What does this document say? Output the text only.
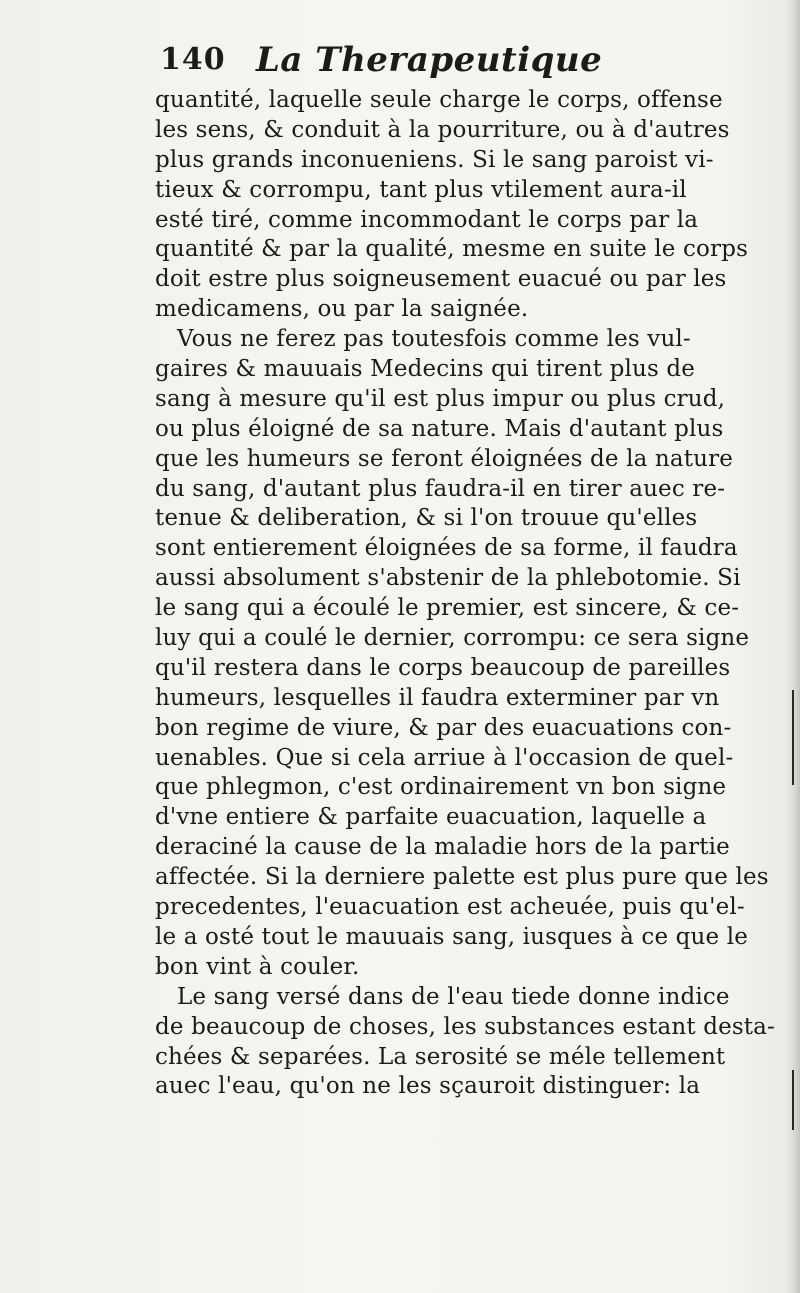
140 La Therapeutique
quantité, laquelle seule charge le corps, offense
les sens, & conduit à la pourriture, ou à d'autres
plus grands inconueniens. Si le sang paroist vi-
tieux & corrompu, tant plus vtilement aura-il
esté tiré, comme incommodant le corps par la
quantité & par la qualité, mesme en suite le corps
doit estre plus soigneusement euacué ou par les
medicamens, ou par la saignée.
Vous ne ferez pas toutesfois comme les vul-
gaires & mauuais Medecins qui tirent plus de
sang à mesure qu'il est plus impur ou plus crud,
ou plus éloigné de sa nature. Mais d'autant plus
que les humeurs se feront éloignées de la nature
du sang, d'autant plus faudra-il en tirer auec re-
tenue & deliberation, & si l'on trouue qu'elles
sont entierement éloignées de sa forme, il faudra
aussi absolument s'abstenir de la phlebotomie. Si
le sang qui a écoulé le premier, est sincere, & ce-
luy qui a coulé le dernier, corrompu: ce sera signe
qu'il restera dans le corps beaucoup de pareilles
humeurs, lesquelles il faudra exterminer par vn
bon regime de viure, & par des euacuations con-
uenables. Que si cela arriue à l'occasion de quel-
que phlegmon, c'est ordinairement vn bon signe
d'vne entiere & parfaite euacuation, laquelle a
deraciné la cause de la maladie hors de la partie
affectée. Si la derniere palette est plus pure que les
precedentes, l'euacuation est acheuée, puis qu'el-
le a osté tout le mauuais sang, iusques à ce que le
bon vint à couler.
Le sang versé dans de l'eau tiede donne indice
de beaucoup de choses, les substances estant desta-
chées & separées. La serosité se méle tellement
auec l'eau, qu'on ne les sçauroit distinguer: la
